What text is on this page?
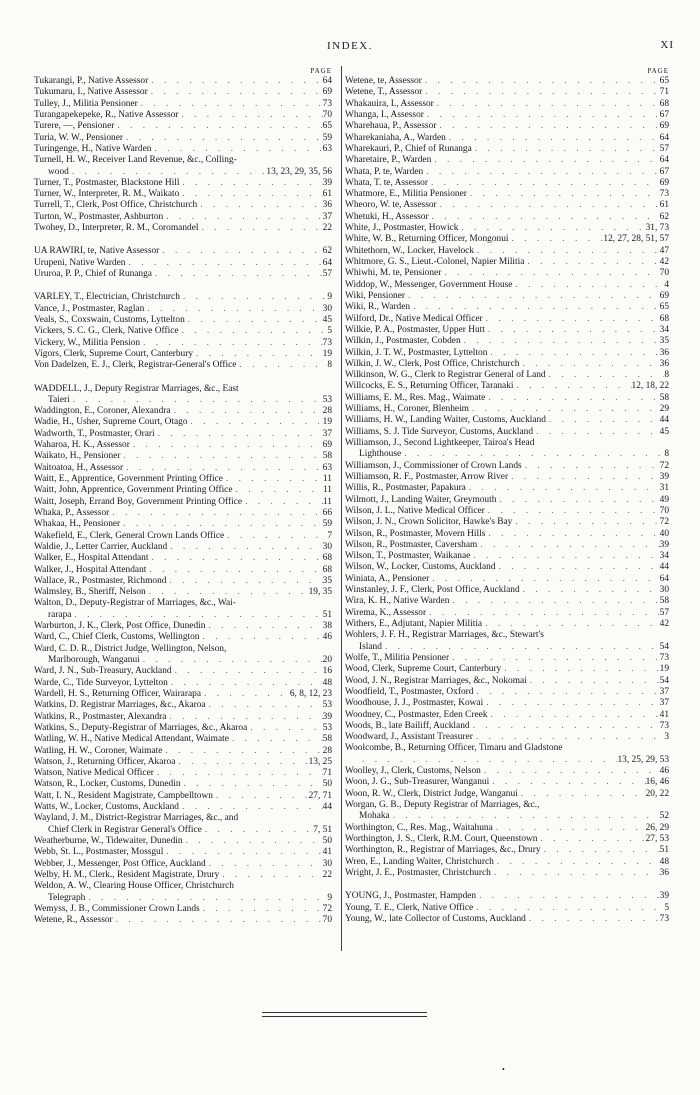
INDEX.	XI
PAGE
Tukarangi, P., Native Assessor . . .	64
Tukumaru, I., Native Assessor . . .	69
Tulley, J., Militia Pensioner . . .	73
Turangapekepeke, R., Native Assessor . . .	70
Turere, —, Pensioner . . .	65
Turia, W. W., Pensioner . . .	59
Turingenge, H., Native Warden . . .	63
Turnell, H. W., Receiver Land Revenue, &c., Colling-
wood . . .	13, 23, 29, 35, 56
Turner, T., Postmaster, Blackstone Hill . . .	39
Turner, W., Interpreter, R. M., Waikato . . .	61
Turrell, T., Clerk, Post Office, Christchurch . . .	36
Turton, W., Postmaster, Ashburton . . .	37
Twohey, D., Interpreter, R. M., Coromandel . . .	22
UA RAWIRI, te, Native Assessor . . .	62
Urupeni, Native Warden . . .	64
Ururoa, P. P., Chief of Runanga . . .	57
VARLEY, T., Electrician, Christchurch . . .	9
Vance, J., Postmaster, Raglan . . .	30
Veals, S., Coxswain, Customs, Lyttelton . . .	45
Vickers, S. C. G., Clerk, Native Office . . .	5
Vickery, W., Militia Pension . . .	73
Vigors, Clerk, Supreme Court, Canterbury . . .	19
Von Dadelzen, E. J., Clerk, Registrar-General's Office . . .	8
WADDELL, J., Deputy Registrar Marriages, &c., East
Taieri . . .	53
Waddington, E., Coroner, Alexandra . . .	28
Wadie, H., Usher, Supreme Court, Otago . . .	19
Wadworth, T., Postmaster, Orari . . .	37
Waharoa, H. K., Assessor . . .	69
Waikato, H., Pensioner . . .	58
Waitoatoa, H., Assessor . . .	63
Waitt, E., Apprentice, Government Printing Office . . .	11
Waitt, John, Apprentice, Government Printing Office . . .	11
Waitt, Joseph, Errand Boy, Government Printing Office . . .	11
Whaka, P., Assessor . . .	66
Whakaa, H., Pensioner . . .	59
Wakefield, E., Clerk, General Crown Lands Office . . .	7
Waldie, J., Letter Carrier, Auckland . . .	30
Walker, E., Hospital Attendant . . .	68
Walker, J., Hospital Attendant . . .	68
Wallace, R., Postmaster, Richmond . . .	35
Walmsley, B., Sheriff, Nelson . . .	19, 35
Walton, D., Deputy-Registrar of Marriages, &c., Wai-
rarapa . . .	51
Warburton, J. K., Clerk, Post Office, Dunedin . . .	38
Ward, C., Chief Clerk, Customs, Wellington . . .	46
Ward, C. D. R., District Judge, Wellington, Nelson,
Marlborough, Wanganui . . .	20
Ward, J. N., Sub-Treasury, Auckland . . .	16
Warde, C., Tide Surveyor, Lyttelton . . .	48
Wardell, H. S., Returning Officer, Wairarapa . . .	6, 8, 12, 23
Watkins, D. Registrar Marriages, &c., Akaroa . . .	53
Watkins, R., Postmaster, Alexandra . . .	39
Watkins, S., Deputy-Registrar of Marriages, &c., Akaroa . . .	53
Watling, W. H., Native Medical Attendant, Waimate . . .	58
Watling, H. W., Coroner, Waimate . . .	28
Watson, J., Returning Officer, Akaroa . . .	13, 25
Watson, Native Medical Officer . . .	71
Watson, R., Locker, Customs, Dunedin . . .	50
Watt, I. N., Resident Magistrate, Campbelltown . . .	27, 71
Watts, W., Locker, Customs, Auckland . . .	44
Wayland, J. M., District-Registrar Marriages, &c., and
Chief Clerk in Registrar General's Office . . .	7, 51
Weatherburne, W., Tidewaiter, Dunedin . . .	50
Webb, St. L., Postmaster, Mossgul . . .	41
Webber, J., Messenger, Post Office, Auckland . . .	30
Welby, H. M., Clerk., Resident Magistrate, Drury . . .	22
Weldon, A. W., Clearing House Officer, Christchurch
Telegraph . . .	9
Wemyss, J. B., Commissioner Crown Lands . . .	72
Wetene, R., Assessor . . .	70
PAGE
Wetene, te, Assessor . . .	65
Wetene, T., Assessor . . .	71
Whakauira, I., Assessor . . .	68
Whanga, I., Assessor . . .	67
Wharehaua, P., Assessor . . .	69
Wharekaniaha, A., Warden . . .	64
Wharekauri, P., Chief of Runanga . . .	57
Wharetaire, P., Warden . . .	64
Whata, P. te, Warden . . .	67
Whata, T. te, Assessor . . .	69
Whatmore, E., Militia Pensioner . . .	73
Wheoro, W. te, Assessor . . .	61
Whetuki, H., Assessor . . .	62
White, J., Postmaster, Howick . . .	31, 73
White, W. B., Returning Officer, Mongonui . . .	12, 27, 28, 51, 57
Whitethorn, W., Locker, Havelock . . .	47
Whitmore, G. S., Lieut.-Colonel, Napier Militia . . .	42
Whiwhi, M. te, Pensioner . . .	70
Widdop, W., Messenger, Government House . . .	4
Wiki, Pensioner . . .	69
Wiki, R., Warden . . .	65
Wilford, Dr., Native Medical Officer . . .	68
Wilkie, P. A., Postmaster, Upper Hutt . . .	34
Wilkin, J., Postmaster, Cobden . . .	35
Wilkin, J. T. W., Postmaster, Lyttelton . . .	36
Wilkin, J. W., Clerk, Post Office, Christchurch . . .	36
Wilkinson, W. G., Clerk to Registrar General of Land . . .	8
Willcocks, E. S., Returning Officer, Taranaki . . .	12, 18, 22
Williams, E. M., Res. Mag., Waimate . . .	58
Williams, H., Coroner, Blenheim . . .	29
Williams, H. W., Landing Waiter, Customs, Auckland . . .	44
Williams, S. J. Tide Surveyor, Customs, Auckland . . .	45
Williamson, J., Second Lightkeeper, Tairoa's Head
Lighthouse . . .	8
Williamson, J., Commissioner of Crown Lands . . .	72
Williamson, R. F., Postmaster, Arrow River . . .	39
Willis, R., Postmaster, Papakura . . .	31
Wilmott, J., Landing Waiter, Greymouth . . .	49
Wilson, J. L., Native Medical Officer . . .	70
Wilson, J. N., Crown Solicitor, Hawke's Bay . . .	72
Wilson, R., Postmaster, Movern Hills . . .	40
Wilson, R., Postmaster, Caversham . . .	39
Wilson, T., Postmaster, Waikanae . . .	34
Wilson, W., Locker, Customs, Auckland . . .	44
Winiata, A., Pensioner . . .	64
Winstanley, J. F., Clerk, Post Office, Auckland . . .	30
Wira, K. H., Native Warden . . .	58
Wirema, K., Assessor . . .	57
Withers, E., Adjutant, Napier Militia . . .	42
Wohlers, J. F. H., Registrar Marriages, &c., Stewart's
Island . . .	54
Wolfe, T., Militia Pensioner . . .	73
Wood, Clerk, Supreme Court, Canterbury . . .	19
Wood, J. N., Registrar Marriages, &c., Nokomai . . .	54
Woodfield, T., Postmaster, Oxford . . .	37
Woodhouse, J. J., Postmaster, Kowai . . .	37
Woodney, C., Postmaster, Eden Creek . . .	41
Woods, B., late Bailiff, Auckland . . .	73
Woodward, J., Assistant Treasurer . . .	3
Woolcombe, B., Returning Officer, Timaru and Gladstone
. . .
13, 25, 29, 53
Woolley, J., Clerk, Customs, Nelson . . .	46
Woon, J. G., Sub-Treasurer, Wanganui . . .	16, 46
Woon, R. W., Clerk, District Judge, Wanganui . . .	20, 22
Worgan, G. B., Deputy Registrar of Marriages, &c.,
Mohaka . . .	52
Worthington, C., Res. Mag., Waitahuna . . .	26, 29
Worthington, J. S., Clerk, R.M. Court, Queenstown . . .	27, 53
Worthington, R., Registrar of Marriages, &c., Drury . . .	51
Wren, E., Landing Waiter, Christchurch . . .	48
Wright, J. E., Postmaster, Christchurch . . .	36
YOUNG, J., Postmaster, Hampden . . .	39
Young, T. E., Clerk, Native Office . . .	5
Young, W., late Collector of Customs, Auckland . . .	73
•
